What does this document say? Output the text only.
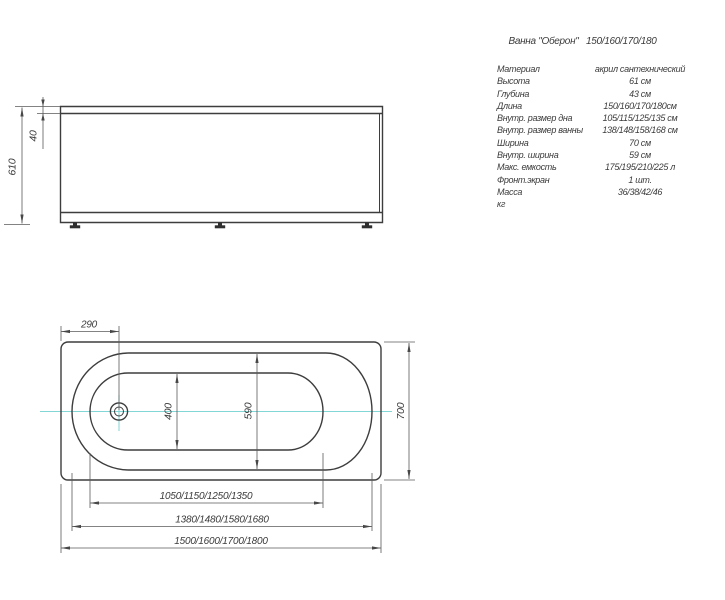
610
40
290
400	590	700
1050/1150/1250/1350
1380/1480/1580/1680
1500/1600/1700/1800
Ванна "Оберон"   150/160/170/180
Материал	акрил сантехнический
Высота	61 см
Глубина	43 см
Длина	150/160/170/180см
Внутр. размер дна	105/115/125/135 см
Внутр. размер ванны	138/148/158/168 см
Ширина	70 см
Внутр. ширина	59 см
Макс. емкость	175/195/210/225 л
Фронт.экран	1 шт.
Масса	36/38/42/46
кг
